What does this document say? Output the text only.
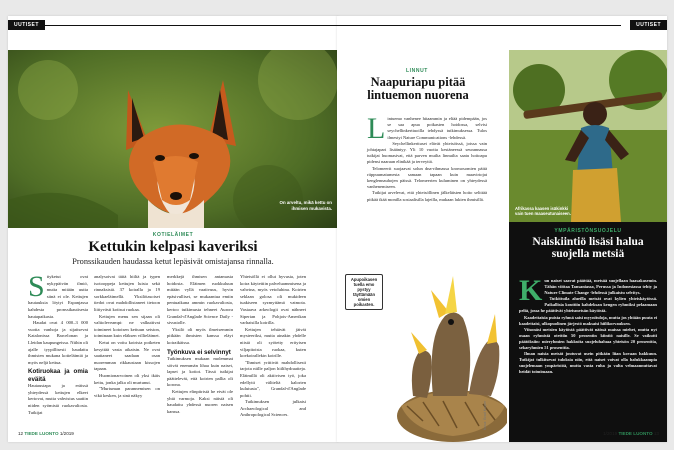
UUTISET
On arveltu, mikä kettu on ihmisen mukavista.
KOTIELÄIMET
Kettukin kelpasi kaveriksi
Pronssikauden haudassa ketut lepäsivät omistajansa rinnalla.
S ttyketut ovat nykypäivän ilmiö, mutta mitään uutta siinä ei ole. Kettujen hautauksia löytyi Espanjassa kahdesta pronssikautisesta hautapaikasta.

Haudat ovat 4 000–3 000 vuotta vanhoja ja sijaitsevat Katalonissa Barcelonan ja Lleidan kaupungeissa. Niihin oli ajalle tyypillisesti haudattu ihmisten mukana kotieläimiä ja myös neljä kettua.

Kotiruokaa ja omia eväitä

Hautaustapa ja eräissä yhteydessä kettujen elkeet kertovat, mutta vahvistus saatiin niiden syömistä ruokavaliosta. Tutkijat

analysoivat täitä hiiltä ja typen isotooppeja kettujen luista sekä rinnaksistä. 37 koiralla ja 19 sorkkaeläimellä. Yksilötasoiset tiedot ovat mahdollistaneet tietoon liittyvästi kotisut ruokaa.

Kettujen menu sen sijaan oli valtioleveampi: ne valkuttivat toimineet kotoisen kettuun seiston, toiminaan kuin eläksen villieläimet.

Ketut on voitu koirista poiketen kesyttää vasta aikaisin. Ne ovat saattaneet saadaan osan nuoremman rikkaustaan kissojen tapaan.

Huomionarvoinen oli yksi ikäis kettu, jonka jalka oli murtunut.

"Murtuman parannemisen on vikä kesken, ja sinä näkyy

merkkejä ihmisen antamasta hoidosta. Eläimen ruokkuluun mitään vyllä vaativuus, hyvin epäsivulliset, se mukaantua emiin pentuaikana ammin ruokavaliosta, kertoo tutkimusta tehneet Aurora Grandal-d'Anglade Science Daily -sivustolle.

Yksilö oli myös ilmeisemmin pitkään ihmisten kanssa eläyt koiraikäissa.

Työnkuva ei selvinnyt

Tutkimuksen mukaan molemmat söivät enemmän lihaa kuin naiset, lapset ja kotiot. Tässä tutkijat päättelevät, että koirien pallia oli korona.

Kettujen elinpiiristä he eivät ole yhtä varmoja. Kaksi näistä oli haudattu yhdessä nuoren naisen kanssa.

Yhteisöllä ei ollut hyvusia, joten koira käytettiin palveluammisena ja vahvina, myös vetoluhina. Koirien seklaan golosa oli mukideen tuakiseen syzmyttämä vatmota. Vastaava arkeologit ovat nähneet Siperian ja Pohjois-Amerikan varhaisilla koirilla.

Kettujen tehtävät jäivät mysteeriksi, mutta ainakin yhdelle niistä oli syötetty erityisen viljapitoista ruokaa, kuten koekoirallekin koirille.

"Ihmiset yrittivät mahdollisesti tarjota niille paljon hiilihydraatteja. Eläimillä oli aktiivisen työ, joka edellytti väliteltä kalorien kulutusta", Grandal-d'Anglade pohtii.

Tutkimuksen julkaisi Archaeological and Anthropological Sciences.

12 TIEDE LUONTO 1/2019
UUTISET
LINNUT
Naapuriapu pitää lintuemon nuorena
L intuemo vanhenee hitaammin ja eliää pidempään, jos se saa apua poikasten hoidossa, selvisi seychellinkerttuoilla tehdyssä tutkimuksessa. Tulos ilmestyi Nature Communications -lehdessä.

Seychellinkerttuset elävät yhteisöissä, joissa vain johtajapari lisääntyy. Yli 10 vuotta kestäneessä seurannassa tutkijat huomasivat, että parven muilta linnuilta saatu hoitoapu pidensi naaraan elinikää ja terveyttä.

Telomeerit suojaavat solun dna-rihmassa kromosomien päitä riippuumatumesta samaan tapaan kuin maavirtojat kenglennauhojen päissä. Telomeerien kuluminen on yhteydessä vanhenemiseen.

Tutkijat arvelevat, että yhteisöllinen jälkeläisten hoito selittää pitkää ikää monilla sosiaalisilla lajeilla, mukaan lukien ihmisillä.

Apupoikasen tuella emo pystyy täyttämään omien poikasten.
Kuva: Brad Kuiper
Afrikassa kaasen isäkinkki vain tuen maaseutunaiseen.
YMPÄRISTÖNSUOJELU
Naiskiintiö lisäsi halua suojella metsiä
K un naiset saavat päättää, metsää suojellaan haasakasemin. Tähän viittaa Tansaniassa, Perussa ja Indonesiassa tehty ja Nature Climate Change -lehdessä julkaistu selvitys.

Tutkittuila alueilla metsät ovat kylien yhteiskäytössä. Paikallisia kouttiin kahdeksan kengen ryhmiksi pelaamaan peliä, jossa he päättivät yhteismetsän käytöstä.

Kaadettaisia puista ryhmä saisi myynituloja, mutta jos yhtään puuta ei kaadettaisi, ulkopuolinen järjestö maksaisi hiilikorvauksen.

Viisonäsi metsien käytöstä päättivät näissä maissa miehet, mutta nyt osaan ryhmistä otettiin 50 prosentin kiintiö naisille. Se vaikutti päätöksiin: mieryhmien hakkuita suojeluhaluaa yhteisön 20 prosenttia, sekaryhmien 51 prosenttia.

Ilman naisia metsät joutuvat usein pitkään liian kovaan hakkuun. Tutkijat tulkitsevat tuloksia niin, että naiset voivat olla halukkaampia suojelemaan ympäristöä, mutta vasta ruha ja valta velmaannuttavat heidät toimimaan.

1/2019 TIEDE LUONTO 13
